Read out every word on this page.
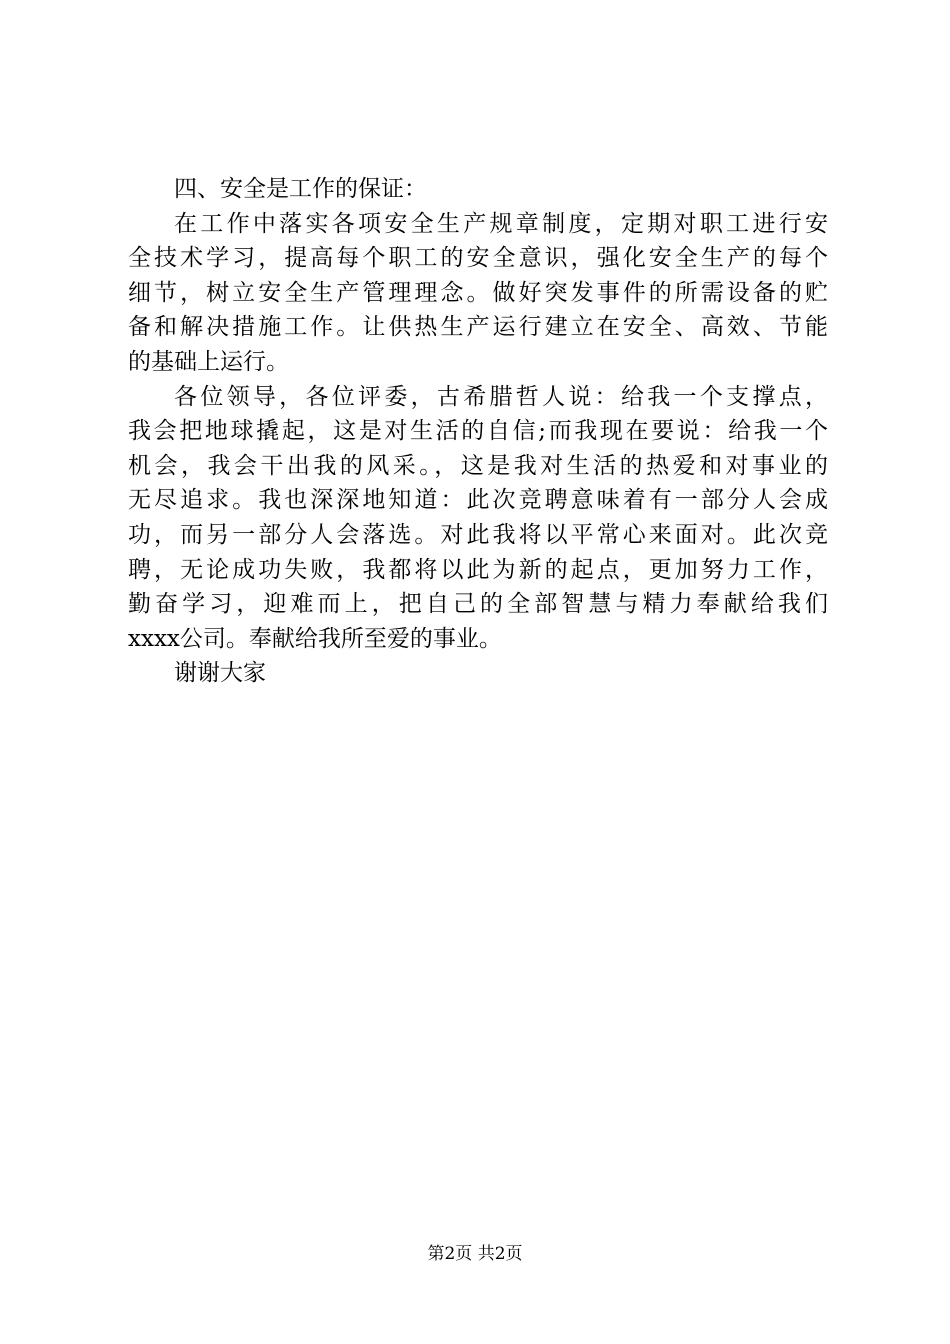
四、安全是工作的保证：
在工作中落实各项安全生产规章制度，定期对职工进行安
全技术学习，提高每个职工的安全意识，强化安全生产的每个
细节，树立安全生产管理理念。做好突发事件的所需设备的贮
备和解决措施工作。让供热生产运行建立在安全、高效、节能
的基础上运行。
各位领导，各位评委，古希腊哲人说：给我一个支撑点，
我会把地球撬起，这是对生活的自信;而我现在要说：给我一个
机会，我会干出我的风采。，这是我对生活的热爱和对事业的
无尽追求。我也深深地知道：此次竞聘意味着有一部分人会成
功，而另一部分人会落选。对此我将以平常心来面对。此次竞
聘，无论成功失败，我都将以此为新的起点，更加努力工作，
勤奋学习，迎难而上，把自己的全部智慧与精力奉献给我们
xxxx公司。奉献给我所至爱的事业。
谢谢大家
第2页 共2页
